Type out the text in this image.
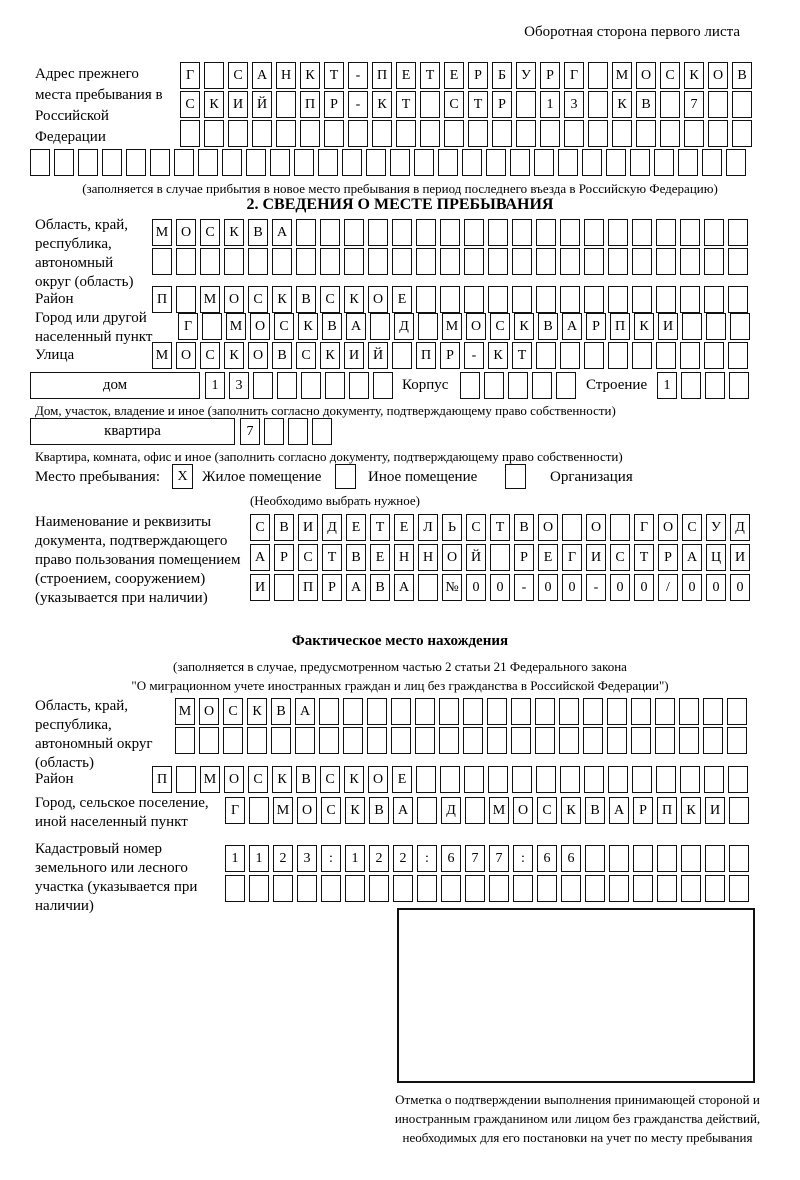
Оборотная сторона первого листа
Адрес прежнего места пребывания в Российской Федерации
Г	С	А Н	К	Т	-	П	Е	Т	Е	Р	Б	У	Р	Г	М О	С	К	О	В
С	К	И Й	П	Р	-	К	Т	С	Т	Р	1	3	К	В	7
(заполняется в случае прибытия в новое место пребывания в период последнего въезда в Российскую Федерацию)
2. СВЕДЕНИЯ О МЕСТЕ ПРЕБЫВАНИЯ
Область, край, республика, автономный округ (область)
М О	С	К	В	А
Район	П	М О	С	К	В	С	К	О	Е
Город или другой населенный пункт
Г	М О	С	К	В	А	Д	М О	С	К	В	А	Р	П	К	И
Улица	М О	С	К	О	В	С	К	И Й	П	Р	-	К	Т
дом	1	3	Корпус	Строение	1
Дом, участок, владение и иное (заполнить согласно документу, подтверждающему право собственности)
квартира	7
Квартира, комната, офис и иное (заполнить согласно документу, подтверждающему право собственности)
Место пребывания:	X Жилое помещение	Иное помещение	Организация
(Необходимо выбрать нужное)
Наименование и реквизиты документа, подтверждающего право пользования помещением (строением, сооружением) (указывается при наличии)
С	В	И	Д	Е	Т	Е	Л	Ь	С	Т	В	О	О	Г	О	С	У	Д
А	Р	С	Т	В	Е	Н Н О Й	Р	Е	Г	И	С	Т	Р	А Ц И
И	П	Р	А	В	А	№ 0	0	-	0	0	-	0	0	/	0	0	0
Фактическое место нахождения
(заполняется в случае, предусмотренном частью 2 статьи 21 Федерального закона
"О миграционном учете иностранных граждан и лиц без гражданства в Российской Федерации")
Область, край, республика, автономный округ (область)
М О	С	К	В	А
Район	П	М О	С	К	В	С	К	О	Е
Город, сельское поселение, иной населенный пункт
Г	М О	С	К	В	А	Д	М О	С	К	В	А	Р	П	К	И
Кадастровый номер земельного или лесного участка (указывается при наличии)
1	1	2	3	:	1	2	2	:	6	7	7	:	6	6
Отметка о подтверждении выполнения принимающей стороной и иностранным гражданином или лицом без гражданства действий, необходимых для его постановки на учет по месту пребывания
